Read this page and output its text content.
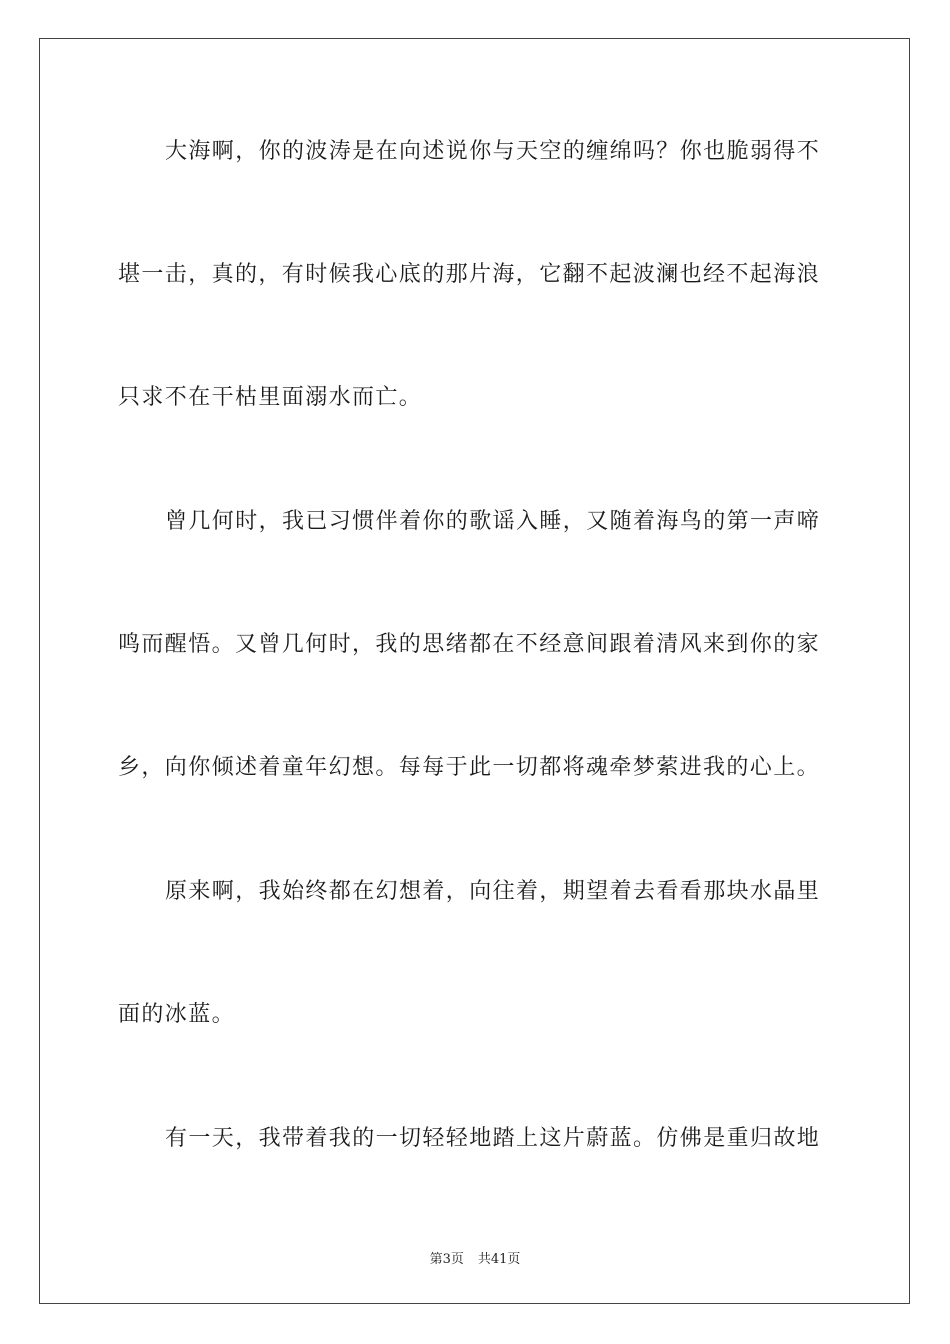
大海啊，你的波涛是在向述说你与天空的缠绵吗？你也脆弱得不

堪一击，真的，有时候我心底的那片海，它翻不起波澜也经不起海浪

只求不在干枯里面溺水而亡。

曾几何时，我已习惯伴着你的歌谣入睡，又随着海鸟的第一声啼

鸣而醒悟。又曾几何时，我的思绪都在不经意间跟着清风来到你的家

乡，向你倾述着童年幻想。每每于此一切都将魂牵梦萦进我的心上。

原来啊，我始终都在幻想着，向往着，期望着去看看那块水晶里

面的冰蓝。

有一天，我带着我的一切轻轻地踏上这片蔚蓝。仿佛是重归故地

第3页 共41页
